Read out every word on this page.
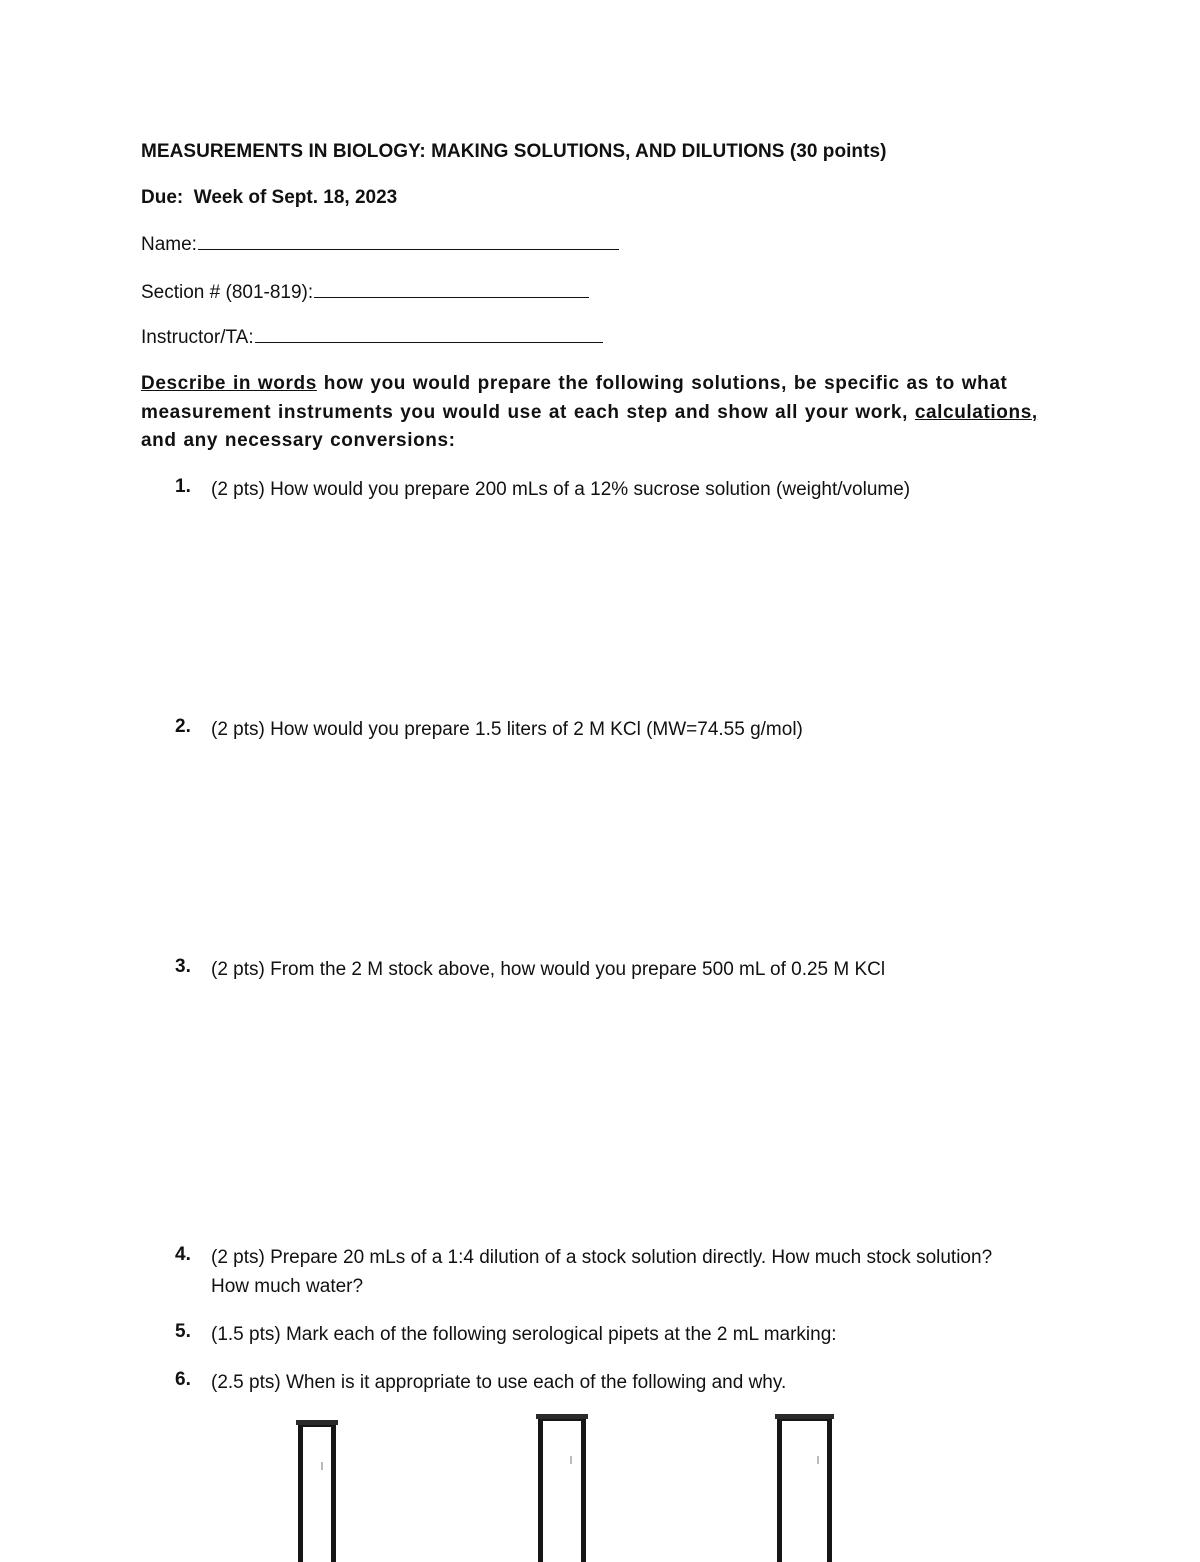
MEASUREMENTS IN BIOLOGY: MAKING SOLUTIONS, AND DILUTIONS (30 points)
Due:  Week of Sept. 18, 2023
Name:
Section # (801-819):
Instructor/TA:
Describe in words how you would prepare the following solutions, be specific as to what measurement instruments you would use at each step and show all your work, calculations, and any necessary conversions:
1. (2 pts) How would you prepare 200 mLs of a 12% sucrose solution (weight/volume)
2. (2 pts) How would you prepare 1.5 liters of 2 M KCl (MW=74.55 g/mol)
3. (2 pts) From the 2 M stock above, how would you prepare 500 mL of 0.25 M KCl
4. (2 pts) Prepare 20 mLs of a 1:4 dilution of a stock solution directly. How much stock solution? How much water?
5. (1.5 pts) Mark each of the following serological pipets at the 2 mL marking:
6. (2.5 pts) When is it appropriate to use each of the following and why.
